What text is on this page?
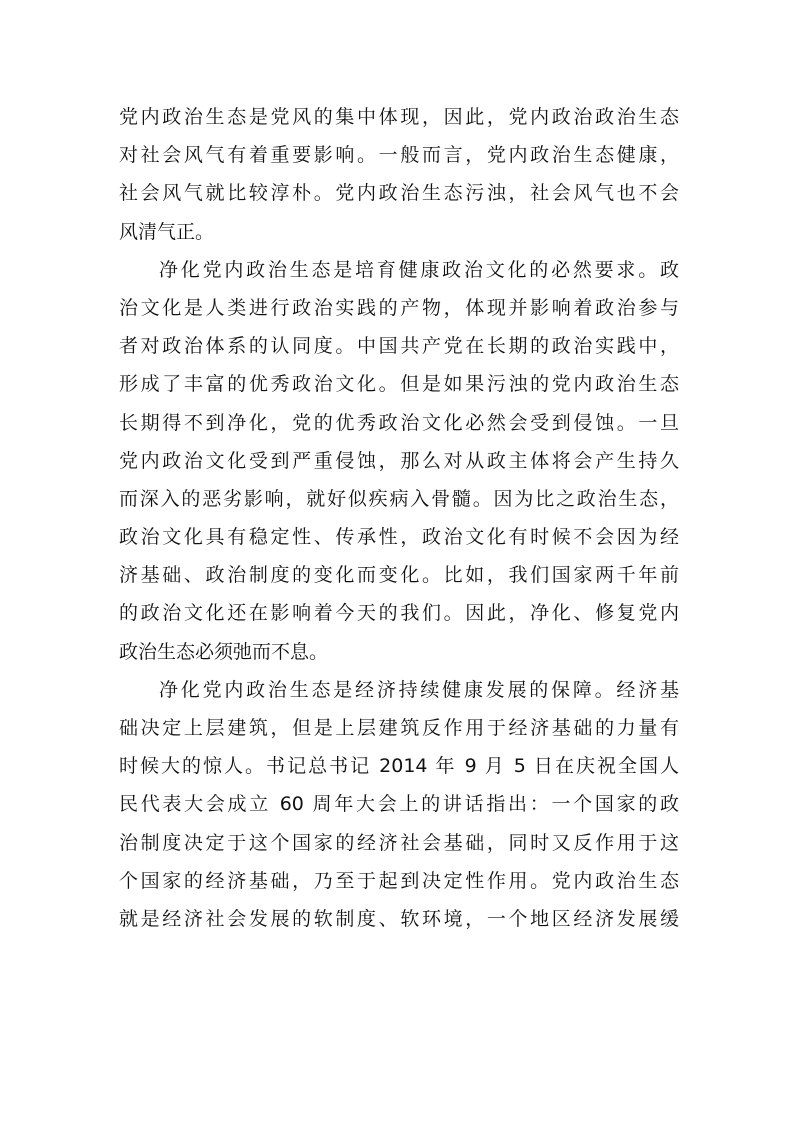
党内政治生态是党风的集中体现，因此，党内政治政治生态
对社会风气有着重要影响。一般而言，党内政治生态健康，
社会风气就比较淳朴。党内政治生态污浊，社会风气也不会
风清气正。
净化党内政治生态是培育健康政治文化的必然要求。政
治文化是人类进行政治实践的产物，体现并影响着政治参与
者对政治体系的认同度。中国共产党在长期的政治实践中，
形成了丰富的优秀政治文化。但是如果污浊的党内政治生态
长期得不到净化，党的优秀政治文化必然会受到侵蚀。一旦
党内政治文化受到严重侵蚀，那么对从政主体将会产生持久
而深入的恶劣影响，就好似疾病入骨髓。因为比之政治生态，
政治文化具有稳定性、传承性，政治文化有时候不会因为经
济基础、政治制度的变化而变化。比如，我们国家两千年前
的政治文化还在影响着今天的我们。因此，净化、修复党内
政治生态必须弛而不息。
净化党内政治生态是经济持续健康发展的保障。经济基
础决定上层建筑，但是上层建筑反作用于经济基础的力量有
时候大的惊人。书记总书记 2014 年 9 月 5 日在庆祝全国人
民代表大会成立 60 周年大会上的讲话指出：一个国家的政
治制度决定于这个国家的经济社会基础，同时又反作用于这
个国家的经济基础，乃至于起到决定性作用。党内政治生态
就是经济社会发展的软制度、软环境，一个地区经济发展缓
